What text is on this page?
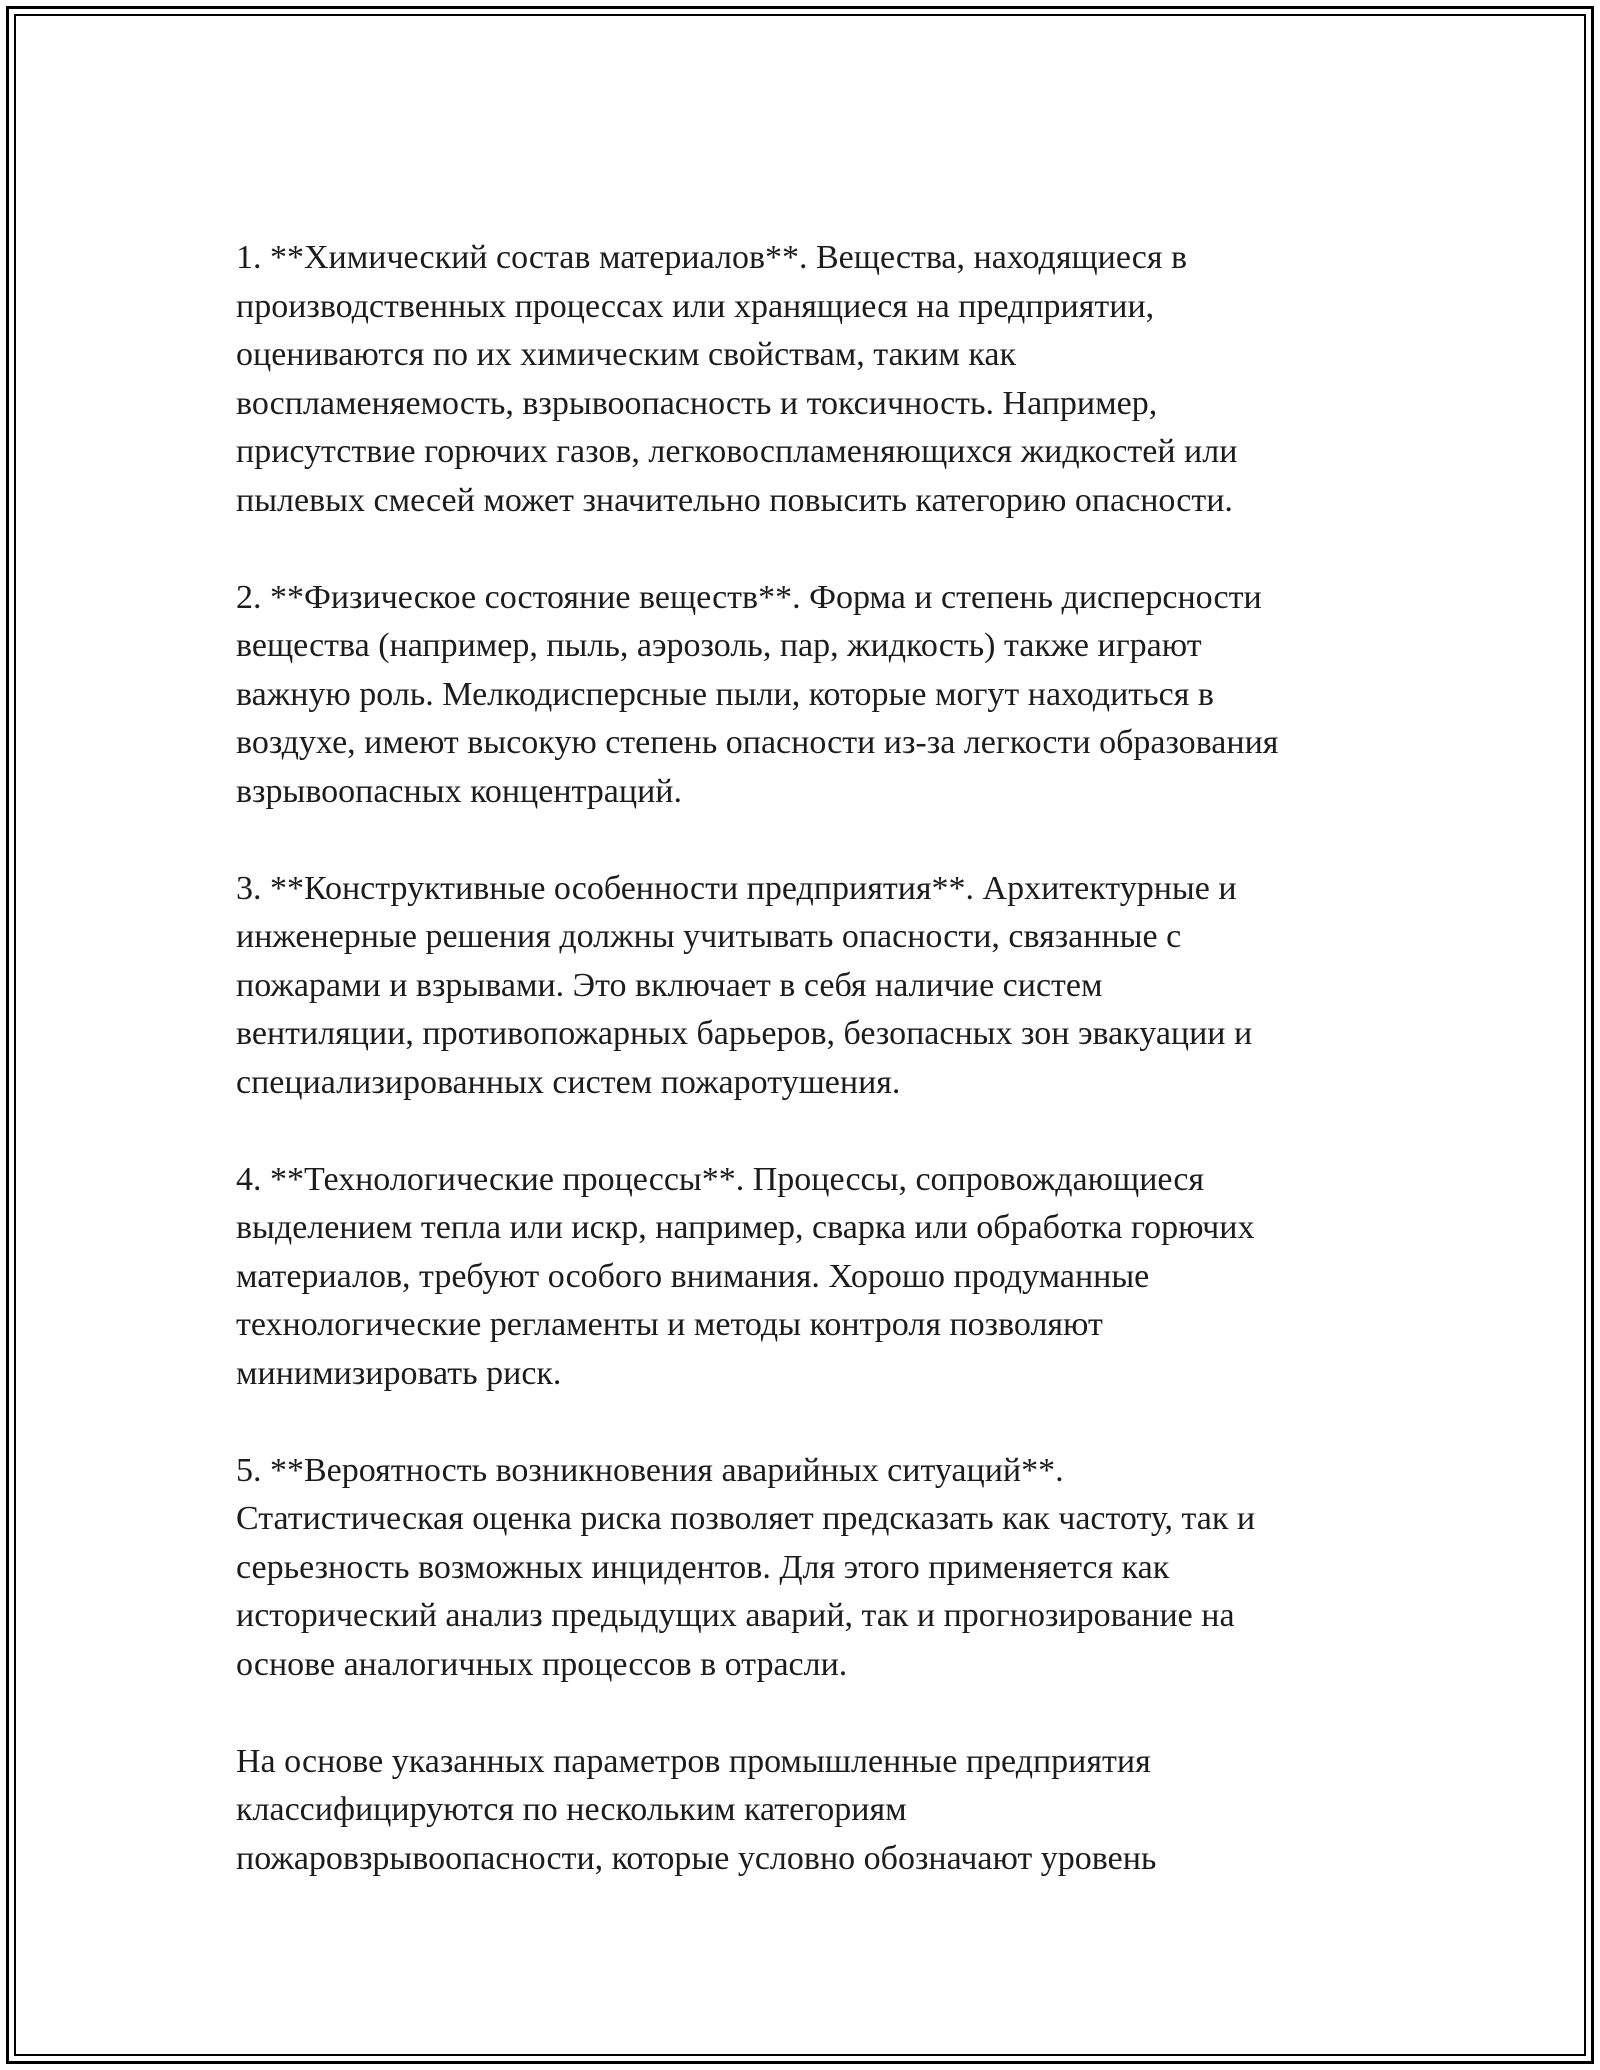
1. **Химический состав материалов**. Вещества, находящиеся в
производственных процессах или хранящиеся на предприятии,
оцениваются по их химическим свойствам, таким как
воспламеняемость, взрывоопасность и токсичность. Например,
присутствие горючих газов, легковоспламеняющихся жидкостей или
пылевых смесей может значительно повысить категорию опасности.

2. **Физическое состояние веществ**. Форма и степень дисперсности
вещества (например, пыль, аэрозоль, пар, жидкость) также играют
важную роль. Мелкодисперсные пыли, которые могут находиться в
воздухе, имеют высокую степень опасности из-за легкости образования
взрывоопасных концентраций.

3. **Конструктивные особенности предприятия**. Архитектурные и
инженерные решения должны учитывать опасности, связанные с
пожарами и взрывами. Это включает в себя наличие систем
вентиляции, противопожарных барьеров, безопасных зон эвакуации и
специализированных систем пожаротушения.

4. **Технологические процессы**. Процессы, сопровождающиеся
выделением тепла или искр, например, сварка или обработка горючих
материалов, требуют особого внимания. Хорошо продуманные
технологические регламенты и методы контроля позволяют
минимизировать риск.

5. **Вероятность возникновения аварийных ситуаций**.
Статистическая оценка риска позволяет предсказать как частоту, так и
серьезность возможных инцидентов. Для этого применяется как
исторический анализ предыдущих аварий, так и прогнозирование на
основе аналогичных процессов в отрасли.

На основе указанных параметров промышленные предприятия
классифицируются по нескольким категориям
пожаровзрывоопасности, которые условно обозначают уровень
